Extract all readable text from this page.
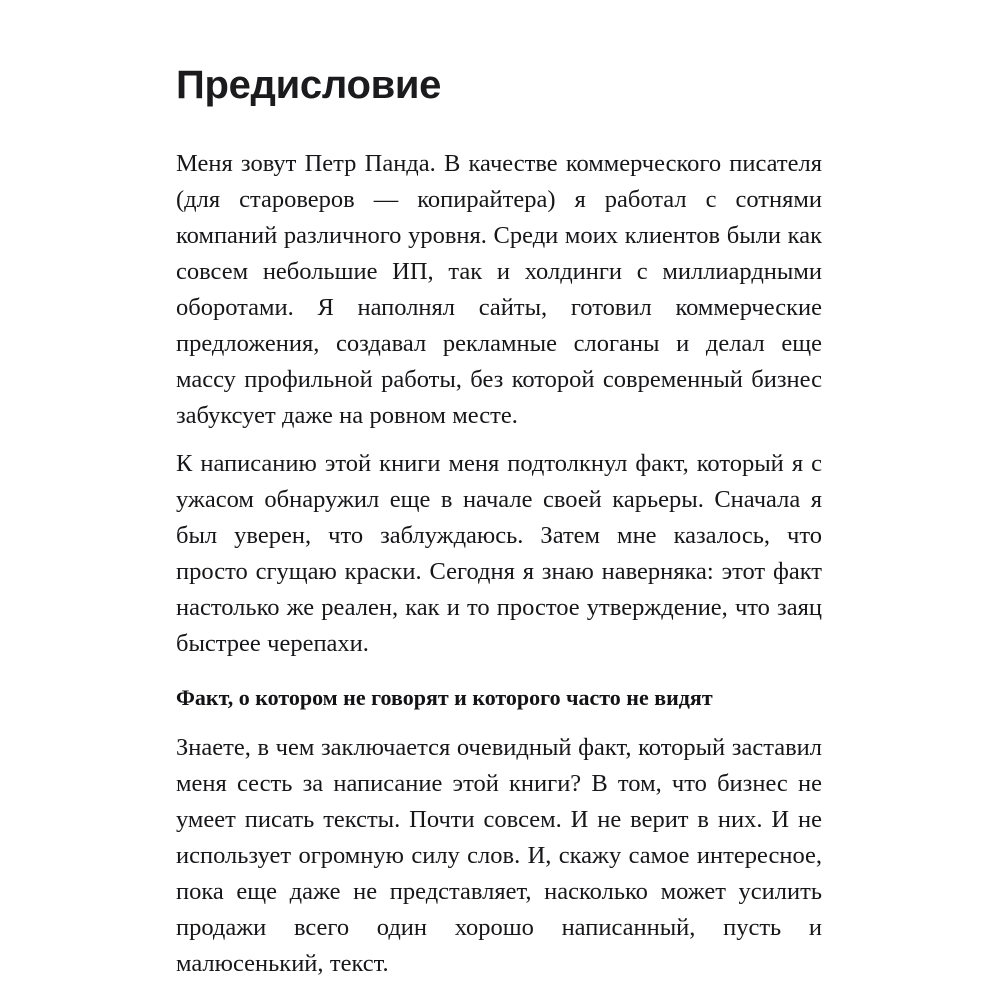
Предисловие

Меня зовут Петр Панда. В качестве коммерческого писателя (для староверов — копирайтера) я работал с сотнями компаний различного уровня. Среди моих клиентов были как совсем небольшие ИП, так и холдинги с миллиардными оборотами. Я наполнял сайты, готовил коммерческие предложения, создавал рекламные слоганы и делал еще массу профильной работы, без которой современный бизнес забуксует даже на ровном месте.

К написанию этой книги меня подтолкнул факт, который я с ужасом обнаружил еще в начале своей карьеры. Сначала я был уверен, что заблуждаюсь. Затем мне казалось, что просто сгущаю краски. Сегодня я знаю наверняка: этот факт настолько же реален, как и то простое утверждение, что заяц быстрее черепахи.

Факт, о котором не говорят и которого часто не видят

Знаете, в чем заключается очевидный факт, который заставил меня сесть за написание этой книги? В том, что бизнес не умеет писать тексты. Почти совсем. И не верит в них. И не использует огромную силу слов. И, скажу самое интересное, пока еще даже не представляет, насколько может усилить продажи всего один хорошо написанный, пусть и малюсенький, текст.
